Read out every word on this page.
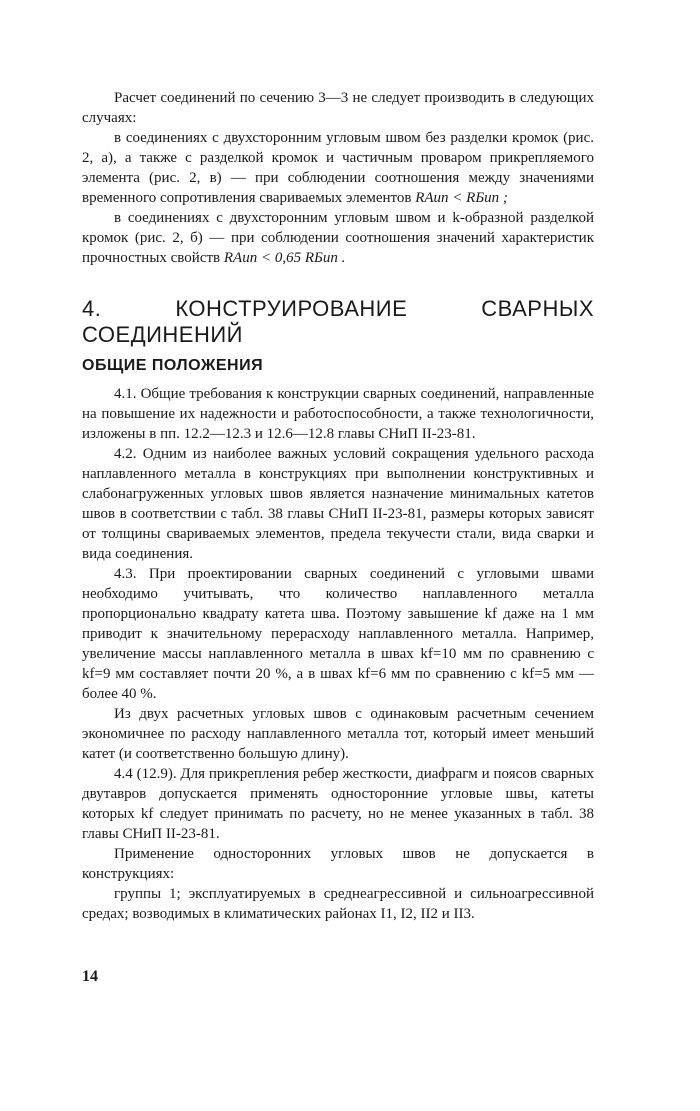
Расчет соединений по сечению 3—3 не следует производить в следующих случаях:

в соединениях с двухсторонним угловым швом без разделки кромок (рис. 2, а), а также с разделкой кромок и частичным проваром прикрепляемого элемента (рис. 2, в) — при соблюдении соотношения между значениями временного сопротивления свариваемых элементов RAun < RБun ;

в соединениях с двухсторонним угловым швом и k-образной разделкой кромок (рис. 2, б) — при соблюдении соотношения значений характеристик прочностных свойств RAun < 0,65 RБun .

4. КОНСТРУИРОВАНИЕ СВАРНЫХ СОЕДИНЕНИЙ
ОБЩИЕ ПОЛОЖЕНИЯ

4.1. Общие требования к конструкции сварных соединений, направленные на повышение их надежности и работоспособности, а также технологичности, изложены в пп. 12.2—12.3 и 12.6—12.8 главы СНиП II-23-81.

4.2. Одним из наиболее важных условий сокращения удельного расхода наплавленного металла в конструкциях при выполнении конструктивных и слабонагруженных угловых швов является назначение минимальных катетов швов в соответствии с табл. 38 главы СНиП II-23-81, размеры которых зависят от толщины свариваемых элементов, предела текучести стали, вида сварки и вида соединения.

4.3. При проектировании сварных соединений с угловыми швами необходимо учитывать, что количество наплавленного металла пропорционально квадрату катета шва. Поэтому завышение kf даже на 1 мм приводит к значительному перерасходу наплавленного металла. Например, увеличение массы наплавленного металла в швах kf=10 мм по сравнению с kf=9 мм составляет почти 20 %, а в швах kf=6 мм по сравнению с kf=5 мм — более 40 %.

Из двух расчетных угловых швов с одинаковым расчетным сечением экономичнее по расходу наплавленного металла тот, который имеет меньший катет (и соответственно большую длину).

4.4 (12.9). Для прикрепления ребер жесткости, диафрагм и поясов сварных двутавров допускается применять односторонние угловые швы, катеты которых kf следует принимать по расчету, но не менее указанных в табл. 38 главы СНиП II-23-81.

Применение односторонних угловых швов не допускается в конструкциях:

группы 1; эксплуатируемых в среднеагрессивной и сильноагрессивной средах; возводимых в климатических районах I1, I2, II2 и II3.

14
